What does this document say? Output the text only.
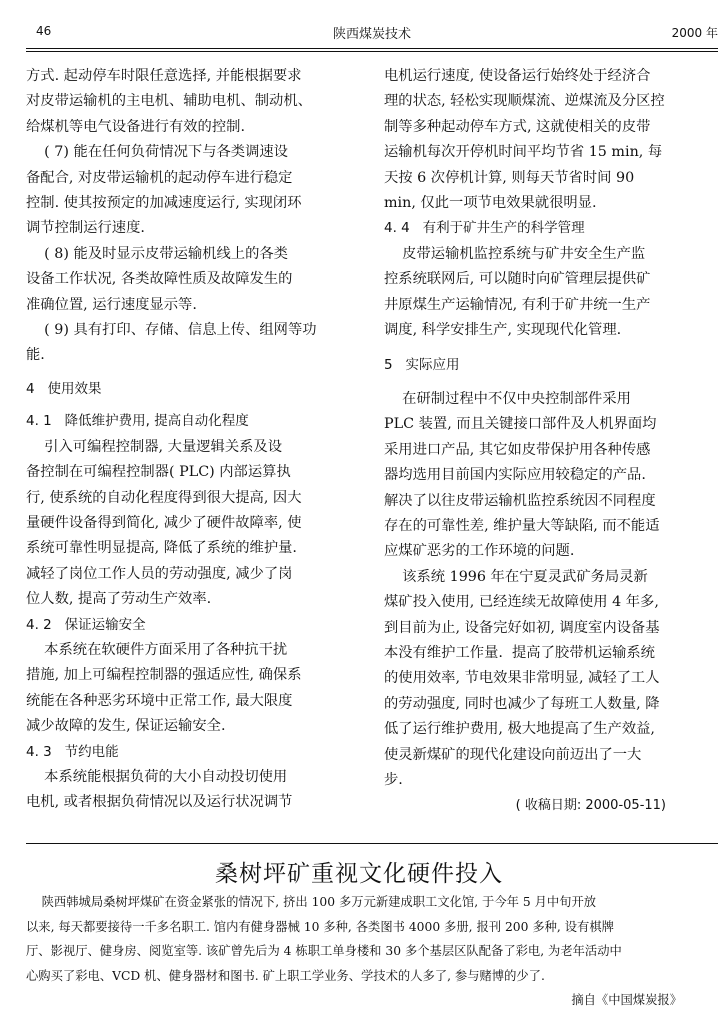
46	陕西煤炭技术	2000 年

方式. 起动停车时限任意选择, 并能根据要求

对皮带运输机的主电机、辅助电机、制动机、

给煤机等电气设备进行有效的控制.

( 7) 能在任何负荷情况下与各类调速设

备配合, 对皮带运输机的起动停车进行稳定

控制. 使其按预定的加减速度运行, 实现闭环

调节控制运行速度.

( 8) 能及时显示皮带运输机线上的各类

设备工作状况, 各类故障性质及故障发生的

准确位置, 运行速度显示等.

( 9) 具有打印、存储、信息上传、组网等功

能.

4   使用效果
4. 1   降低维护费用, 提高自动化程度

引入可编程控制器, 大量逻辑关系及设

备控制在可编程控制器( PLC) 内部运算执

行, 使系统的自动化程度得到很大提高, 因大

量硬件设备得到简化, 减少了硬件故障率, 使

系统可靠性明显提高, 降低了系统的维护量.

减轻了岗位工作人员的劳动强度, 减少了岗

位人数, 提高了劳动生产效率.

4. 2   保证运输安全

本系统在软硬件方面采用了各种抗干扰

措施, 加上可编程控制器的强适应性, 确保系

统能在各种恶劣环境中正常工作, 最大限度

减少故障的发生, 保证运输安全.

4. 3   节约电能

本系统能根据负荷的大小自动投切使用

电机, 或者根据负荷情况以及运行状况调节

电机运行速度, 使设备运行始终处于经济合

理的状态, 轻松实现顺煤流、逆煤流及分区控

制等多种起动停车方式, 这就使相关的皮带

运输机每次开停机时间平均节省 15 min, 每

天按 6 次停机计算, 则每天节省时间 90

min, 仅此一项节电效果就很明显.

4. 4   有利于矿井生产的科学管理

皮带运输机监控系统与矿井安全生产监

控系统联网后, 可以随时向矿管理层提供矿

井原煤生产运输情况, 有利于矿井统一生产

调度, 科学安排生产, 实现现代化管理.

5   实际应用

在研制过程中不仅中央控制部件采用

PLC 装置, 而且关键接口部件及人机界面均

采用进口产品, 其它如皮带保护用各种传感

器均选用目前国内实际应用较稳定的产品.

解决了以往皮带运输机监控系统因不同程度

存在的可靠性差, 维护量大等缺陷, 而不能适

应煤矿恶劣的工作环境的问题.

该系统 1996 年在宁夏灵武矿务局灵新

煤矿投入使用, 已经连续无故障使用 4 年多,

到目前为止, 设备完好如初, 调度室内设备基

本没有维护工作量.  提高了胶带机运输系统

的使用效率, 节电效果非常明显, 减轻了工人

的劳动强度, 同时也减少了每班工人数量, 降

低了运行维护费用, 极大地提高了生产效益,

使灵新煤矿的现代化建设向前迈出了一大

步.

( 收稿日期: 2000-05-11)
桑树坪矿重视文化硬件投入

陕西韩城局桑树坪煤矿在资金紧张的情况下, 挤出 100 多万元新建成职工文化馆, 于今年 5 月中旬开放

以来, 每天都要接待一千多名职工. 馆内有健身器械 10 多种, 各类图书 4000 多册, 报刊 200 多种, 设有棋牌

厅、影视厅、健身房、阅览室等. 该矿曾先后为 4 栋职工单身楼和 30 多个基层区队配备了彩电, 为老年活动中

心购买了彩电、VCD 机、健身器材和图书. 矿上职工学业务、学技术的人多了, 参与赌博的少了.

摘自《中国煤炭报》
